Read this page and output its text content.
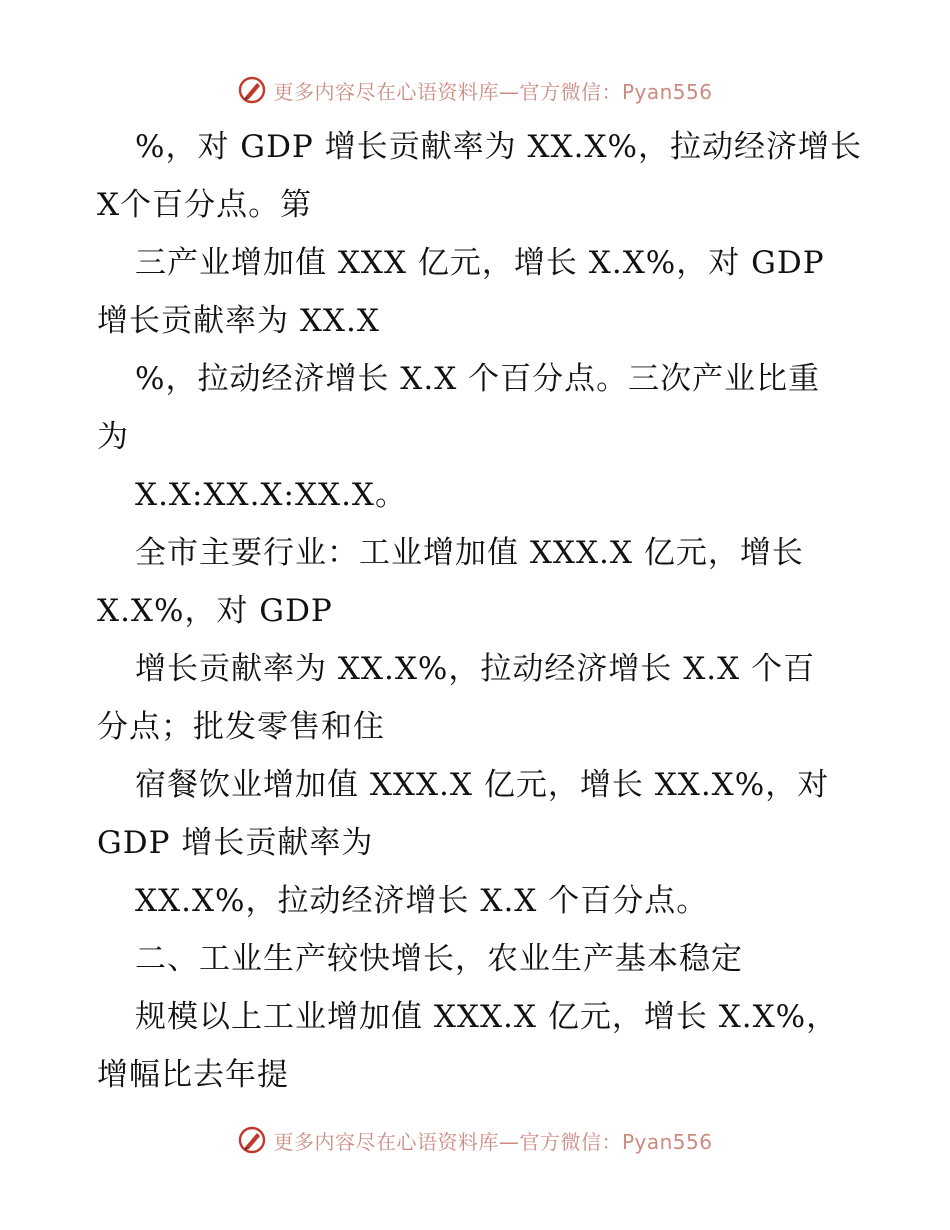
更多内容尽在心语资料库—官方微信：Pyan556
%，对 GDP 增长贡献率为 XX.X%，拉动经济增长
X个百分点。第
三产业增加值 XXX 亿元，增长 X.X%，对 GDP
增长贡献率为 XX.X
%，拉动经济增长 X.X 个百分点。三次产业比重
为
X.X:XX.X:XX.X。
全市主要行业：工业增加值 XXX.X 亿元，增长
X.X%，对 GDP
增长贡献率为 XX.X%，拉动经济增长 X.X 个百
分点；批发零售和住
宿餐饮业增加值 XXX.X 亿元，增长 XX.X%，对
GDP 增长贡献率为
XX.X%，拉动经济增长 X.X 个百分点。
二、工业生产较快增长，农业生产基本稳定
规模以上工业增加值 XXX.X 亿元，增长 X.X%，
增幅比去年提
更多内容尽在心语资料库—官方微信：Pyan556
